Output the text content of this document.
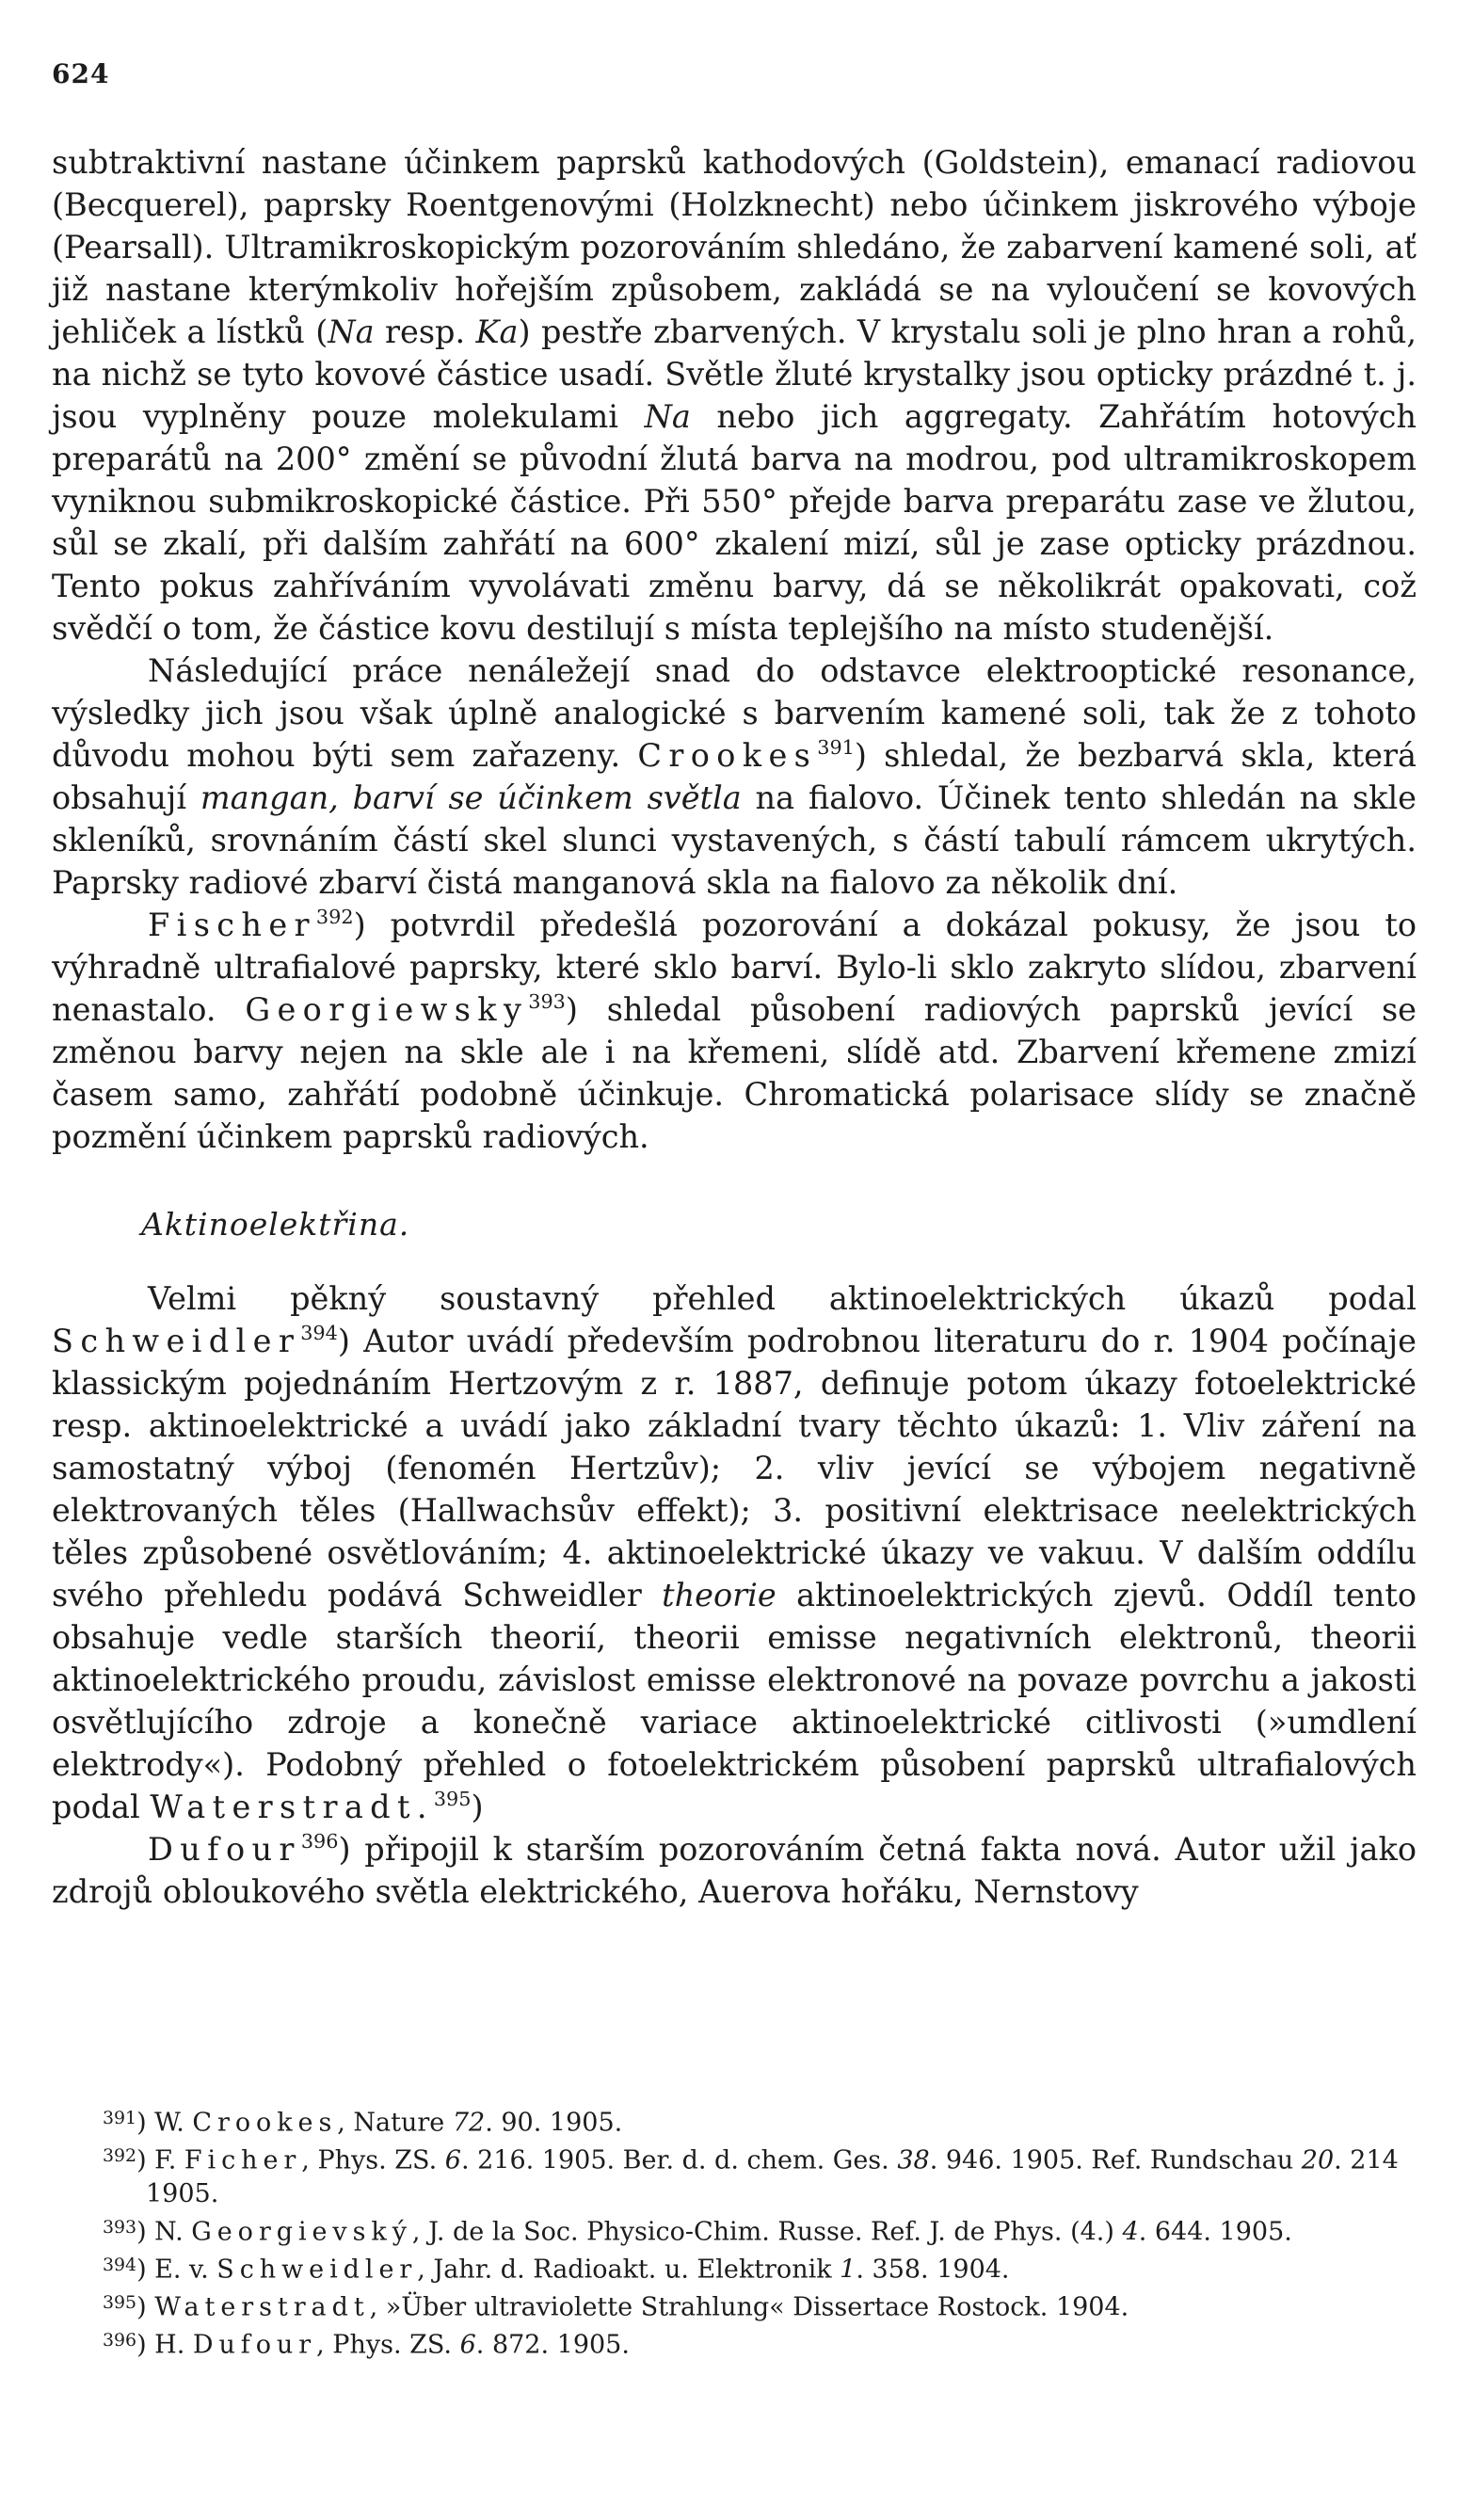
624

subtraktivní nastane účinkem paprsků kathodových (Goldstein), emanací radiovou (Becquerel), paprsky Roentgenovými (Holzknecht) nebo účinkem jiskrového výboje (Pearsall). Ultramikroskopickým pozorováním shledáno, že zabarvení kamené soli, ať již nastane kterýmkoliv hořejším způsobem, zakládá se na vyloučení se kovových jehliček a lístků (Na resp. Ka) pestře zbarvených. V krystalu soli je plno hran a rohů, na nichž se tyto kovové částice usadí. Světle žluté krystalky jsou opticky prázdné t. j. jsou vyplněny pouze molekulami Na nebo jich aggregaty. Zahřátím hotových preparátů na 200° změní se původní žlutá barva na modrou, pod ultramikroskopem vyniknou submikroskopické částice. Při 550° přejde barva preparátu zase ve žlutou, sůl se zkalí, při dalším zahřátí na 600° zkalení mizí, sůl je zase opticky prázdnou. Tento pokus zahříváním vyvolávati změnu barvy, dá se několikrát opakovati, což svědčí o tom, že částice kovu destilují s místa teplejšího na místo studenější.

Následující práce nenáležejí snad do odstavce elektrooptické resonance, výsledky jich jsou však úplně analogické s barvením kamené soli, tak že z tohoto důvodu mohou býti sem zařazeny. Crookes$^{391}$) shledal, že bezbarvá skla, která obsahují mangan, barví se účinkem světla na fialovo. Účinek tento shledán na skle skleníků, srovnáním částí skel slunci vystavených, s částí tabulí rámcem ukrytých. Paprsky radiové zbarví čistá manganová skla na fialovo za několik dní.

Fischer$^{392}$) potvrdil předešlá pozorování a dokázal pokusy, že jsou to výhradně ultrafialové paprsky, které sklo barví. Bylo-li sklo zakryto slídou, zbarvení nenastalo. Georgiewsky$^{393}$) shledal působení radiových paprsků jevící se změnou barvy nejen na skle ale i na křemeni, slídě atd. Zbarvení křemene zmizí časem samo, zahřátí podobně účinkuje. Chromatická polarisace slídy se značně pozmění účinkem paprsků radiových.

Aktinoelektřina.

Velmi pěkný soustavný přehled aktinoelektrických úkazů podal Schweidler$^{394}$) Autor uvádí především podrobnou literaturu do r. 1904 počínaje klassickým pojednáním Hertzovým z r. 1887, definuje potom úkazy fotoelektrické resp. aktinoelektrické a uvádí jako základní tvary těchto úkazů: 1. Vliv záření na samostatný výboj (fenomén Hertzův); 2. vliv jevící se výbojem negativně elektrovaných těles (Hallwachsův effekt); 3. positivní elektrisace neelektrických těles způsobené osvětlováním; 4. aktinoelektrické úkazy ve vakuu. V dalším oddílu svého přehledu podává Schweidler theorie aktinoelektrických zjevů. Oddíl tento obsahuje vedle starších theorií, theorii emisse negativních elektronů, theorii aktinoelektrického proudu, závislost emisse elektronové na povaze povrchu a jakosti osvětlujícího zdroje a konečně variace aktinoelektrické citlivosti (»umdlení elektrody«). Podobný přehled o fotoelektrickém působení paprsků ultrafialových podal Waterstradt.$^{395}$)

Dufour$^{396}$) připojil k starším pozorováním četná fakta nová. Autor užil jako zdrojů obloukového světla elektrického, Auerova hořáku, Nernstovy

$^{391}$) W. Crookes, Nature 72. 90. 1905.

$^{392}$) F. Ficher, Phys. ZS. 6. 216. 1905. Ber. d. d. chem. Ges. 38. 946. 1905. Ref. Rundschau 20. 214 1905.

$^{393}$) N. Georgievský, J. de la Soc. Physico-Chim. Russe. Ref. J. de Phys. (4.) 4. 644. 1905.

$^{394}$) E. v. Schweidler, Jahr. d. Radioakt. u. Elektronik 1. 358. 1904.

$^{395}$) Waterstradt, »Über ultraviolette Strahlung« Dissertace Rostock. 1904.

$^{396}$) H. Dufour, Phys. ZS. 6. 872. 1905.
